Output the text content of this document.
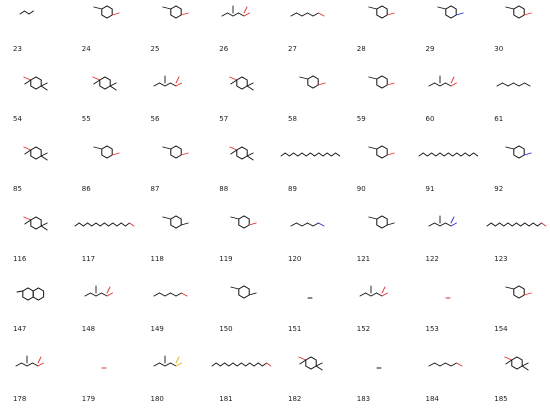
23	24	25	26	27	28	29	30
54	55	56	57	58	59	60	61
85	86	87	88	89	90	91	92
116	117	118	119	120	121	122	123
147	148	149	150	151	152	153	154
178	179	180	181	182	183	184	185
